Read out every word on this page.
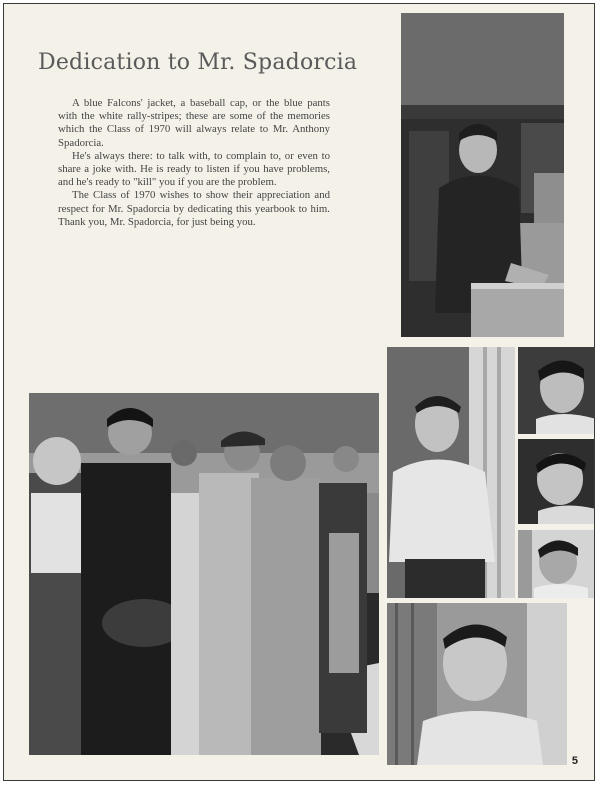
Dedication to Mr. Spadorcia

A blue Falcons' jacket, a baseball cap, or the blue pants with the white rally-stripes; these are some of the memories which the Class of 1970 will always relate to Mr. Anthony Spadorcia.

He's always there: to talk with, to complain to, or even to share a joke with. He is ready to listen if you have problems, and he's ready to "kill" you if you are the problem.

The Class of 1970 wishes to show their appreciation and respect for Mr. Spadorcia by dedicating this yearbook to him. Thank you, Mr. Spadorcia, for just being you.

5
